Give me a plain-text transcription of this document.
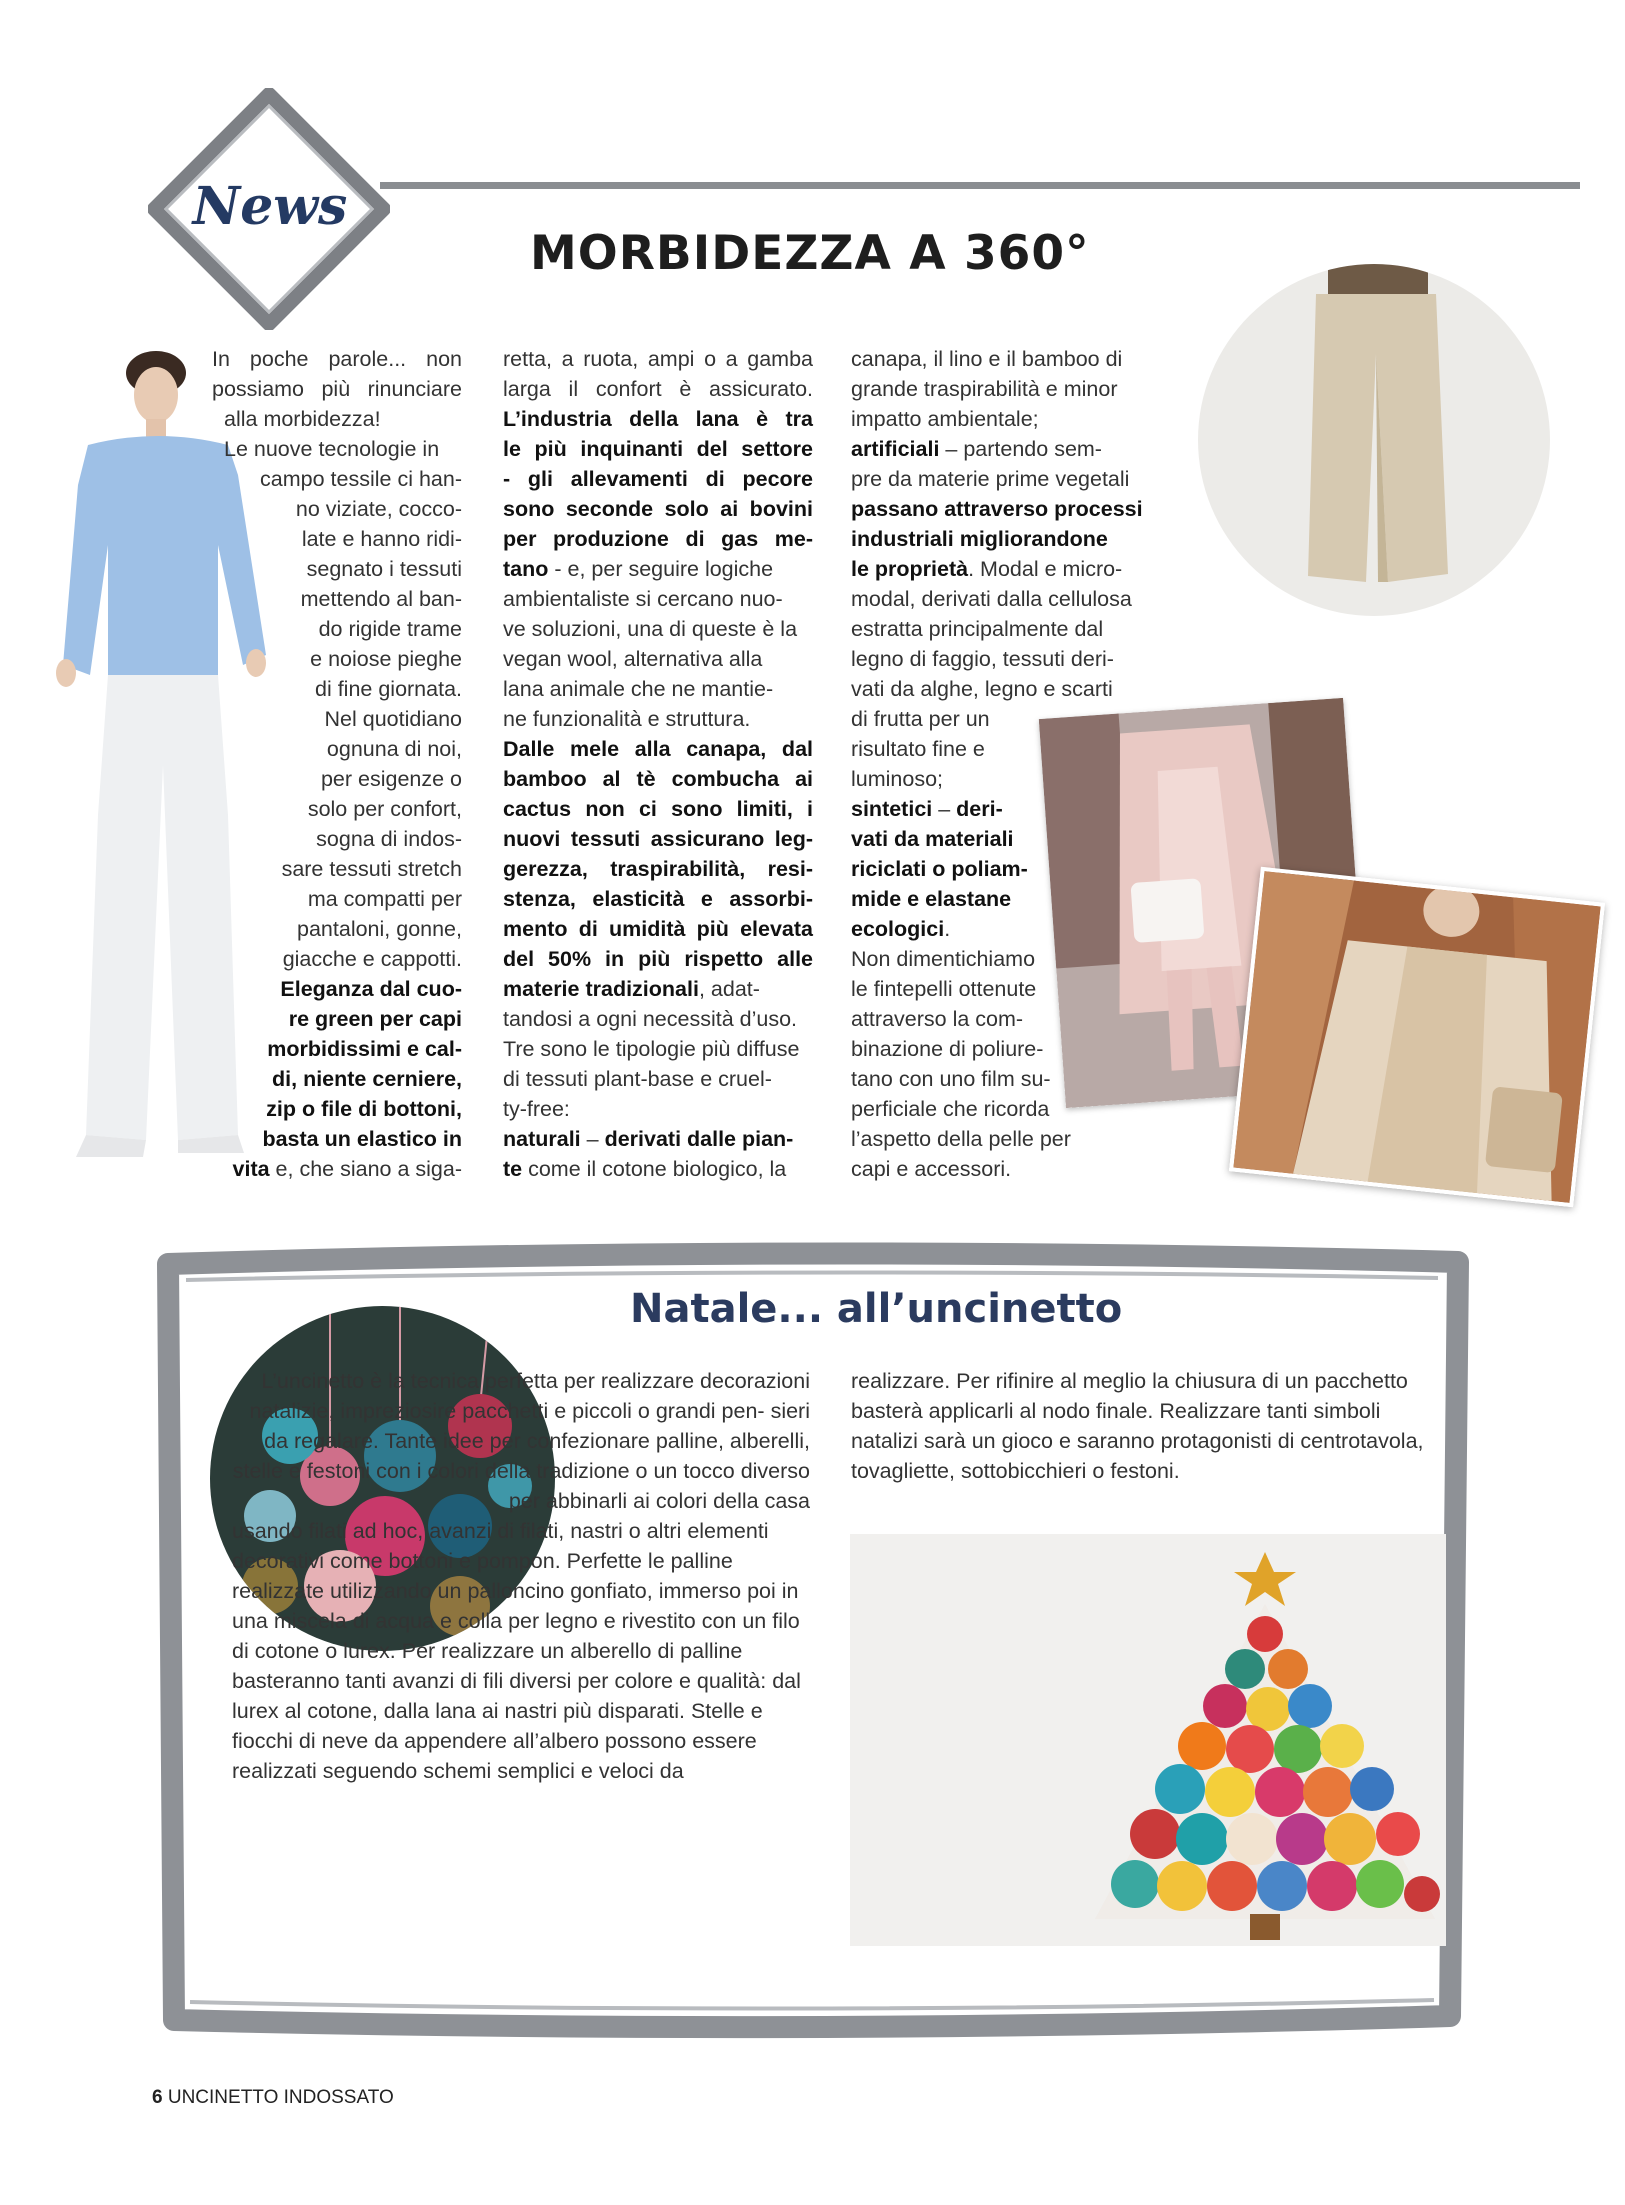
News
MORBIDEZZA A 360°
In poche parole... non
possiamo più rinunciare
alla morbidezza!
Le nuove tecnologie in
campo tessile ci han-
no viziate, cocco-
late e hanno ridi-
segnato i tessuti
mettendo al ban-
do rigide trame
e noiose pieghe
di fine giornata.
Nel quotidiano
ognuna di noi,
per esigenze o
solo per confort,
sogna di indos-
sare tessuti stretch
ma compatti per
pantaloni, gonne,
giacche e cappotti.
Eleganza dal cuo-
re green per capi
morbidissimi e cal-
di, niente cerniere,
zip o file di bottoni,
basta un elastico in
vita e, che siano a siga-
retta, a ruota, ampi o a gamba
larga il confort è assicurato.
L’industria della lana è tra
le più inquinanti del settore
- gli allevamenti di pecore
sono seconde solo ai bovini
per produzione di gas me-
tano - e, per seguire logiche
ambientaliste si cercano nuo-
ve soluzioni, una di queste è la
vegan wool, alternativa alla
lana animale che ne mantie-
ne funzionalità e struttura.
Dalle mele alla canapa, dal
bamboo al tè combucha ai
cactus non ci sono limiti, i
nuovi tessuti assicurano leg-
gerezza, traspirabilità, resi-
stenza, elasticità e assorbi-
mento di umidità più elevata
del 50% in più rispetto alle
materie tradizionali, adat-
tandosi a ogni necessità d’uso.
Tre sono le tipologie più diffuse
di tessuti plant-base e cruel-
ty-free:
naturali – derivati dalle pian-
te come il cotone biologico, la
canapa, il lino e il bamboo di
grande traspirabilità e minor
impatto ambientale;
artificiali – partendo sem-
pre da materie prime vegetali
passano attraverso processi
industriali migliorandone
le proprietà. Modal e micro-
modal, derivati dalla cellulosa
estratta principalmente dal
legno di faggio, tessuti deri-
vati da alghe, legno e scarti
di frutta per un
risultato fine e
luminoso;
sintetici – deri-
vati da materiali
riciclati o poliam-
mide e elastane
ecologici.
Non dimentichiamo
le fintepelli ottenute
attraverso la com-
binazione di poliure-
tano con uno film su-
perficiale che ricorda
l’aspetto della pelle per
capi e accessori.
Natale... all’uncinetto

L’uncinetto è la tecnica perfetta per realizzare decorazioni natalizie, impreziosire pacchetti e piccoli o grandi pen- sieri da regalare. Tante idee per confezionare palline, alberelli, stelle e festoni con i colori della tradizione o un tocco diverso per abbinarli ai colori della casa

usando filati ad hoc, avanzi di filati, nastri o altri elementi decorativi come bottoni e pompon. Perfette le palline realizzate utilizzando un palloncino gonfiato, immerso poi in una miscela di acqua e colla per legno e rivestito con un filo di cotone o lurex. Per realizzare un alberello di palline basteranno tanti avanzi di fili diversi per colore e qualità: dal lurex al cotone, dalla lana ai nastri più disparati. Stelle e fiocchi di neve da appendere all’albero possono essere realizzati seguendo schemi semplici e veloci da
realizzare. Per rifinire al meglio la chiusura di un pacchetto basterà applicarli al nodo finale. Realizzare tanti simboli natalizi sarà un gioco e saranno protagonisti di centrotavola, tovagliette, sottobicchieri o festoni.
6 UNCINETTO INDOSSATO
